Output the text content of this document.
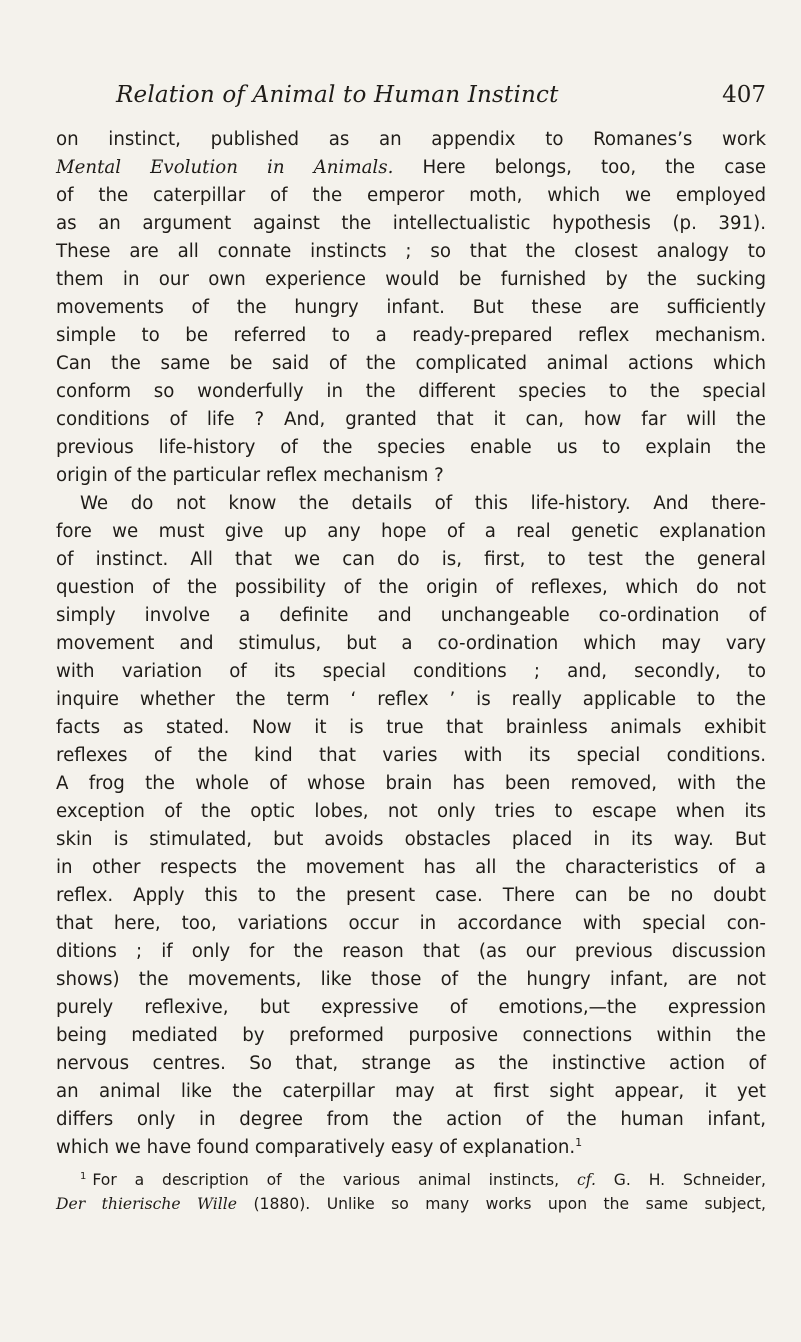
Relation of Animal to Human Instinct	407
on instinct, published as an appendix to Romanes’s work
Mental Evolution in Animals. Here belongs, too, the case
of the caterpillar of the emperor moth, which we employed
as an argument against the intellectualistic hypothesis (p. 391).
These are all connate instincts ; so that the closest analogy to
them in our own experience would be furnished by the sucking
movements of the hungry infant. But these are sufficiently
simple to be referred to a ready-prepared reflex mechanism.
Can the same be said of the complicated animal actions which
conform so wonderfully in the different species to the special
conditions of life ? And, granted that it can, how far will the
previous life-history of the species enable us to explain the
origin of the particular reflex mechanism ?
We do not know the details of this life-history. And there-
fore we must give up any hope of a real genetic explanation
of instinct. All that we can do is, first, to test the general
question of the possibility of the origin of reflexes, which do not
simply involve a definite and unchangeable co-ordination of
movement and stimulus, but a co-ordination which may vary
with variation of its special conditions ; and, secondly, to
inquire whether the term ‘ reflex ’ is really applicable to the
facts as stated. Now it is true that brainless animals exhibit
reflexes of the kind that varies with its special conditions.
A frog the whole of whose brain has been removed, with the
exception of the optic lobes, not only tries to escape when its
skin is stimulated, but avoids obstacles placed in its way. But
in other respects the movement has all the characteristics of a
reflex. Apply this to the present case. There can be no doubt
that here, too, variations occur in accordance with special con-
ditions ; if only for the reason that (as our previous discussion
shows) the movements, like those of the hungry infant, are not
purely reflexive, but expressive of emotions,—the expression
being mediated by preformed purposive connections within the
nervous centres. So that, strange as the instinctive action of
an animal like the caterpillar may at first sight appear, it yet
differs only in degree from the action of the human infant,
which we have found comparatively easy of explanation.$^1$
$^1$ For a description of the various animal instincts, cf. G. H. Schneider,
Der thierische Wille (1880). Unlike so many works upon the same subject,
